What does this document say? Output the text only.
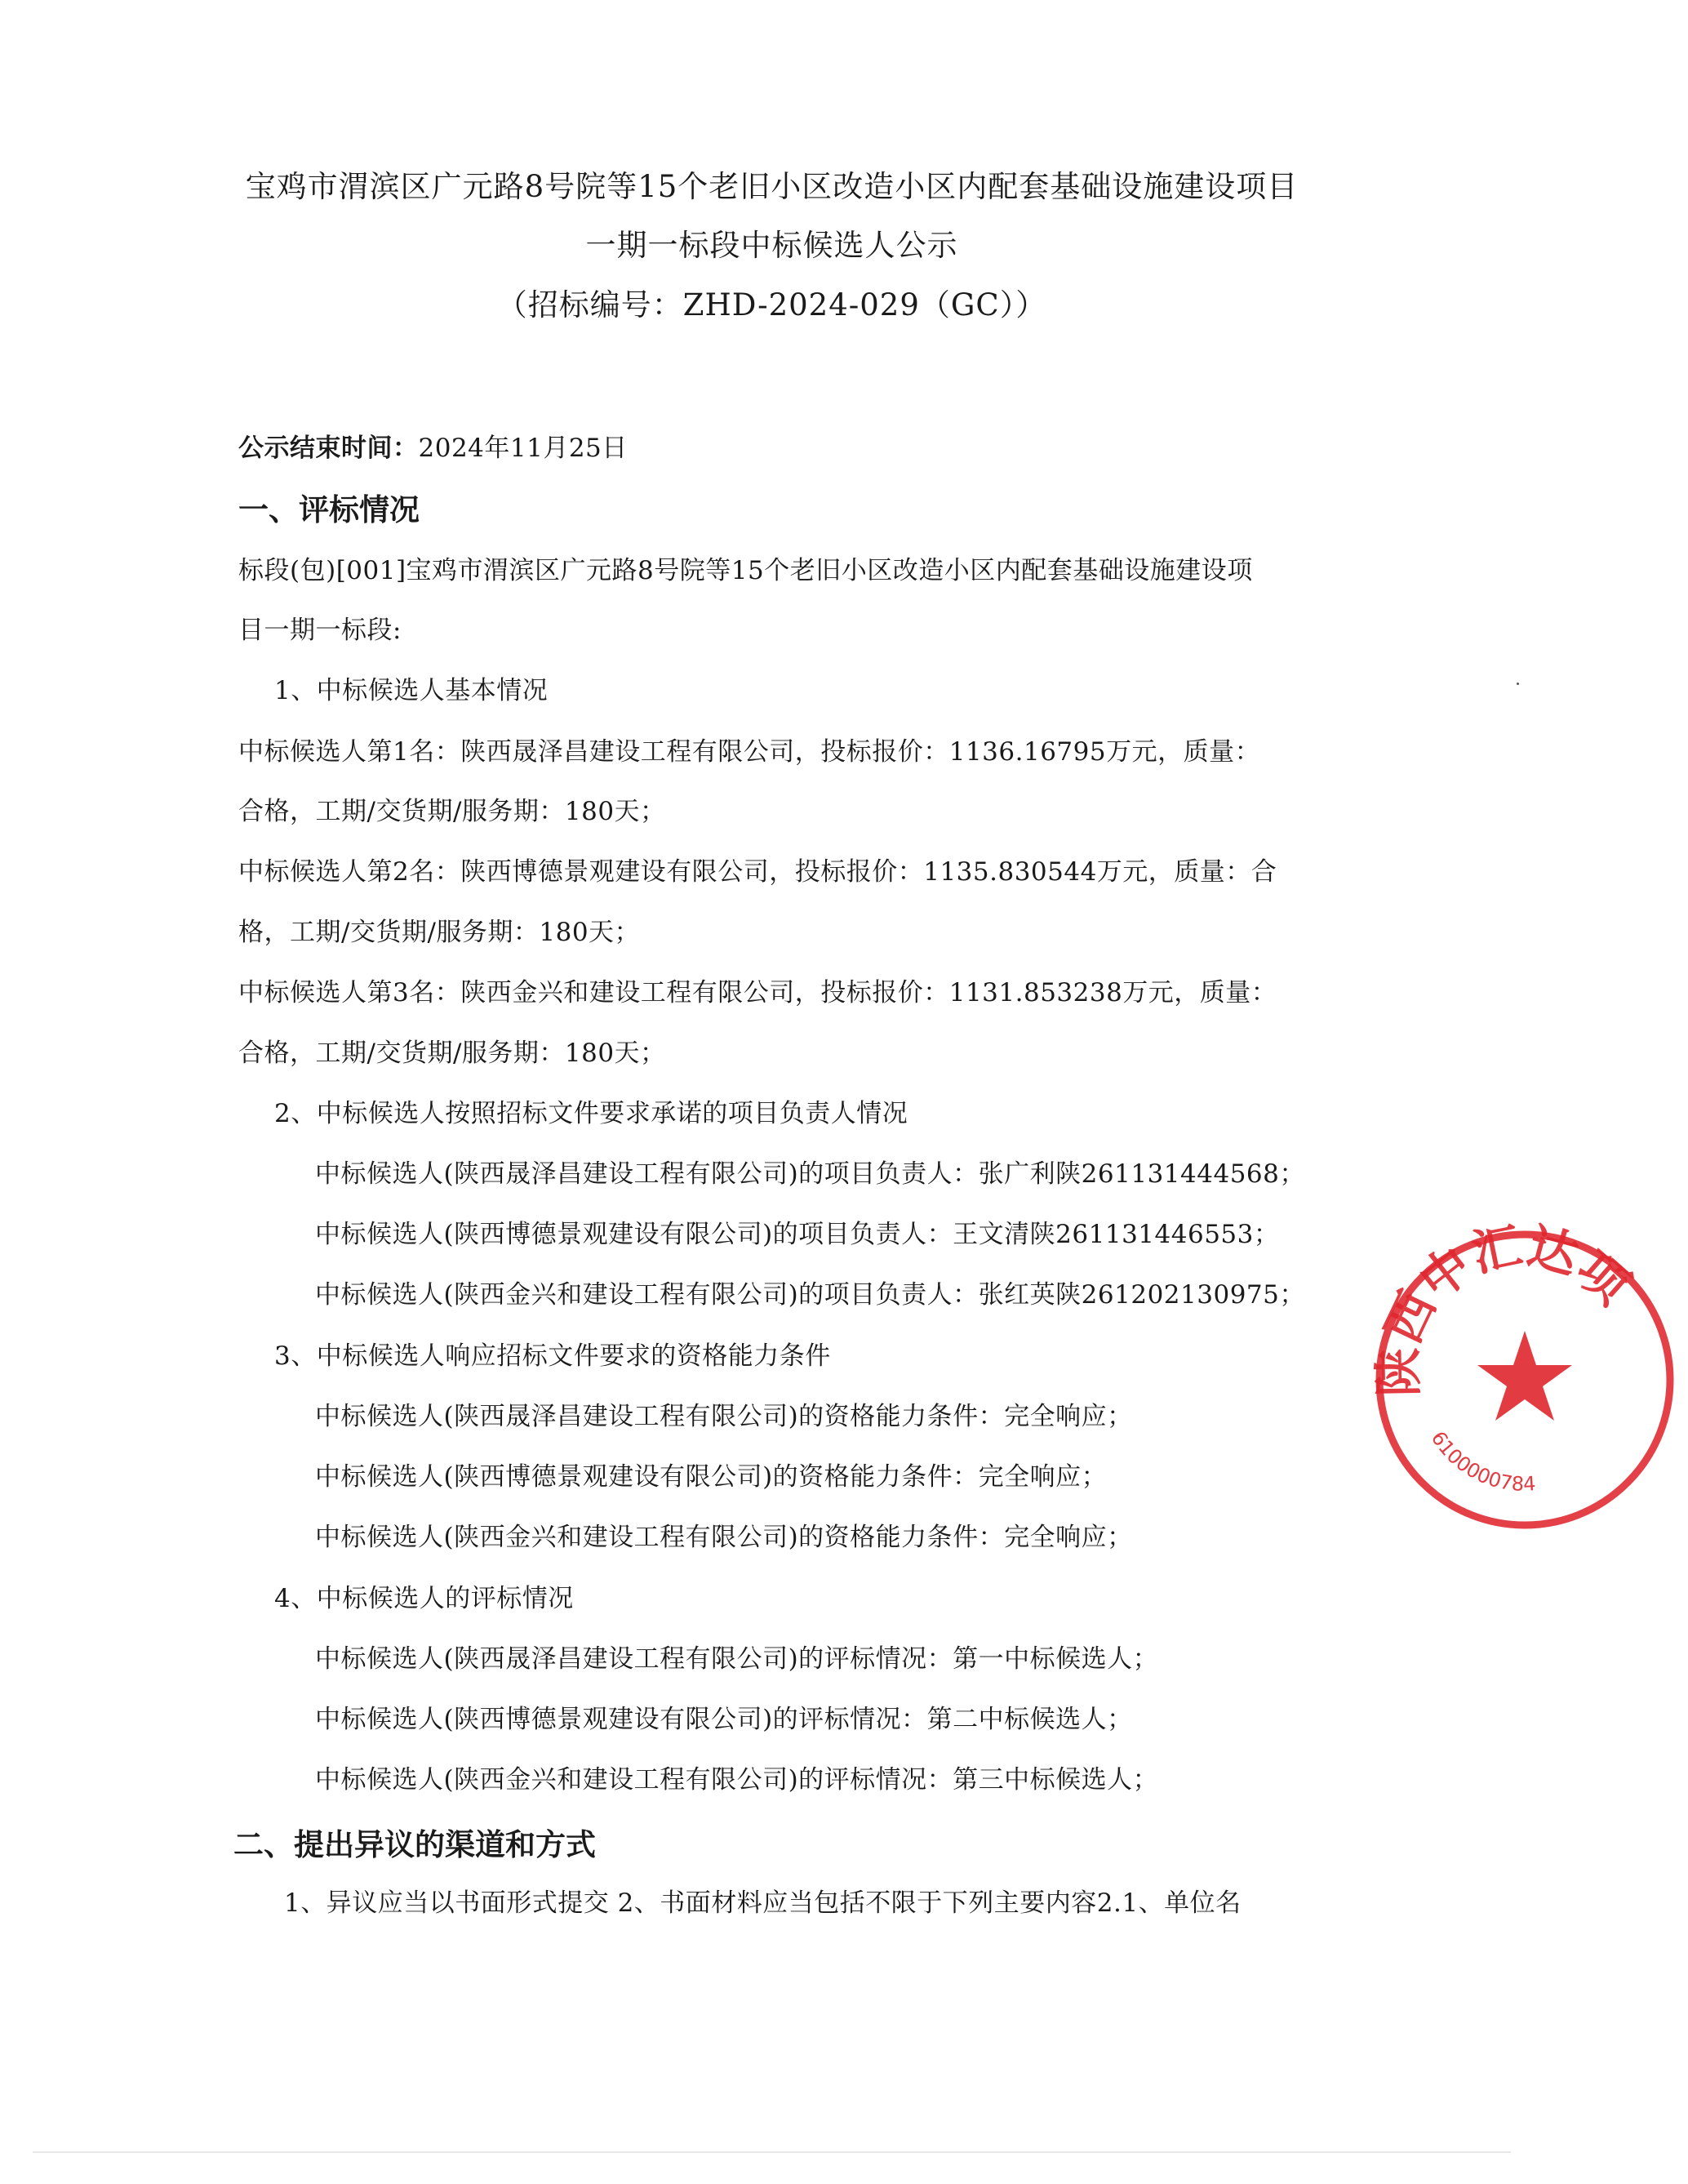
宝鸡市渭滨区广元路8号院等15个老旧小区改造小区内配套基础设施建设项目
一期一标段中标候选人公示
（招标编号：ZHD-2024-029（GC））
公示结束时间：2024年11月25日
一、评标情况
标段(包)[001]宝鸡市渭滨区广元路8号院等15个老旧小区改造小区内配套基础设施建设项
目一期一标段:
1、中标候选人基本情况
中标候选人第1名：陕西晟泽昌建设工程有限公司，投标报价：1136.16795万元，质量：
合格，工期/交货期/服务期：180天；
中标候选人第2名：陕西博德景观建设有限公司，投标报价：1135.830544万元，质量：合
格，工期/交货期/服务期：180天；
中标候选人第3名：陕西金兴和建设工程有限公司，投标报价：1131.853238万元，质量：
合格，工期/交货期/服务期：180天；
2、中标候选人按照招标文件要求承诺的项目负责人情况
中标候选人(陕西晟泽昌建设工程有限公司)的项目负责人：张广利陕261131444568；
中标候选人(陕西博德景观建设有限公司)的项目负责人：王文清陕261131446553；
中标候选人(陕西金兴和建设工程有限公司)的项目负责人：张红英陕261202130975；
3、中标候选人响应招标文件要求的资格能力条件
中标候选人(陕西晟泽昌建设工程有限公司)的资格能力条件：完全响应；
中标候选人(陕西博德景观建设有限公司)的资格能力条件：完全响应；
中标候选人(陕西金兴和建设工程有限公司)的资格能力条件：完全响应；
4、中标候选人的评标情况
中标候选人(陕西晟泽昌建设工程有限公司)的评标情况：第一中标候选人；
中标候选人(陕西博德景观建设有限公司)的评标情况：第二中标候选人；
中标候选人(陕西金兴和建设工程有限公司)的评标情况：第三中标候选人；
二、提出异议的渠道和方式
1、异议应当以书面形式提交 2、书面材料应当包括不限于下列主要内容2.1、单位名
陕西中汇达项
6100000784
